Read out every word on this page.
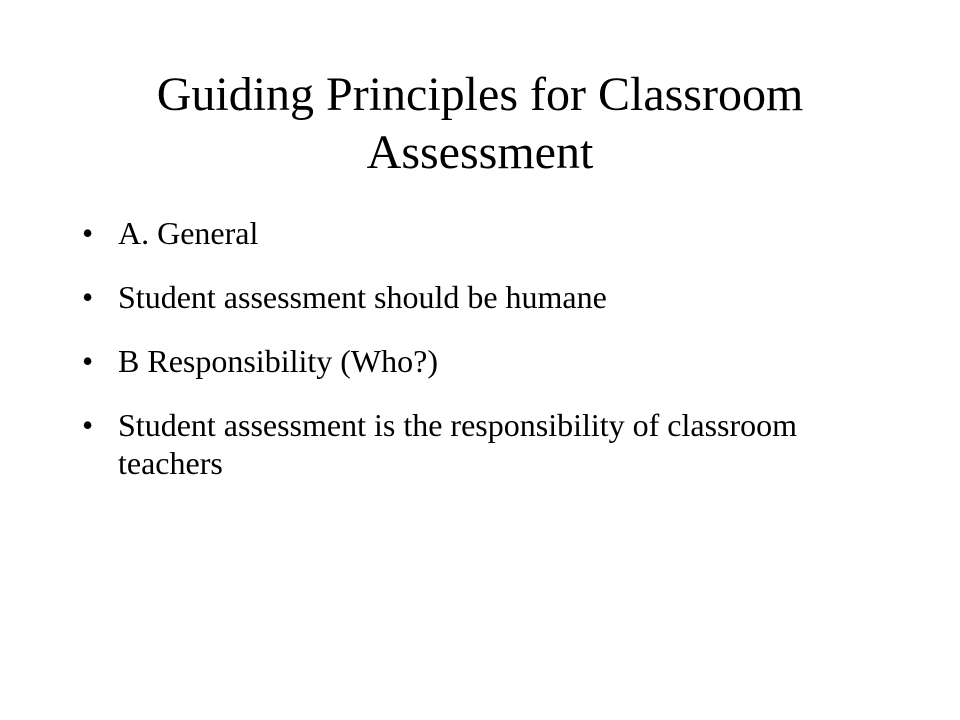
Guiding Principles for Classroom Assessment
• A. General
• Student assessment should be humane
• B Responsibility (Who?)
• Student assessment is the responsibility of classroom teachers
